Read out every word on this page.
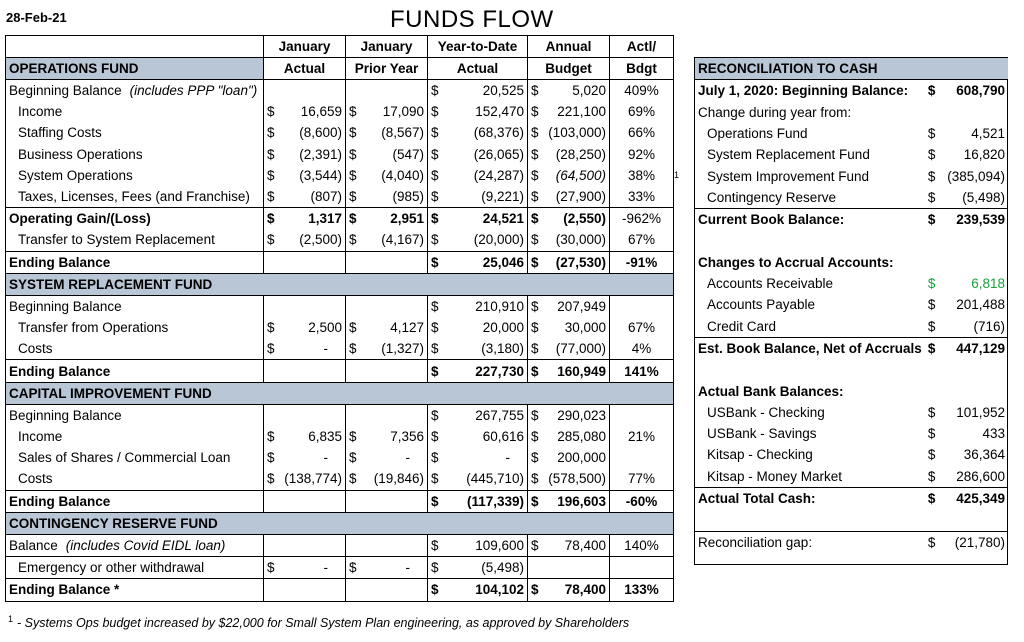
28-Feb-21	FUNDS FLOW
	January	January	Year-to-Date	Annual	Actl/
OPERATIONS FUND	Actual	Prior Year	Actual	Budget	Bdgt
Beginning Balance (includes PPP "loan")			$ 20,525	$ 5,020	409%
Income	$ 16,659	$ 17,090	$ 152,470	$ 221,100	69%
Staffing Costs	$ (8,600)	$ (8,567)	$ (68,376)	$ (103,000)	66%
Business Operations	$ (2,391)	$ (547)	$ (26,065)	$ (28,250)	92%
System Operations	$ (3,544)	$ (4,040)	$ (24,287)	$ (64,500)	38%
Taxes, Licenses, Fees (and Franchise)	$ (807)	$ (985)	$ (9,221)	$ (27,900)	33%
Operating Gain/(Loss)	$ 1,317	$ 2,951	$ 24,521	$ (2,550)	-962%
Transfer to System Replacement	$ (2,500)	$ (4,167)	$ (20,000)	$ (30,000)	67%
Ending Balance			$ 25,046	$ (27,530)	-91%
SYSTEM REPLACEMENT FUND					
Beginning Balance			$ 210,910	$ 207,949	

Transfer from Operations	$ 2,500	$ 4,127	$ 20,000	$ 30,000	67%
Costs	$ -	$ (1,327)	$ (3,180)	$ (77,000)	4%
Ending Balance			$ 227,730	$ 160,949	141%
CAPITAL IMPROVEMENT FUND					
Beginning Balance			$ 267,755	$ 290,023	

Income	$ 6,835	$ 7,356	$ 60,616	$ 285,080	21%
Sales of Shares / Commercial Loan	$ -	$ -	$ -	$ 200,000	

Costs	$ (138,774)	$ (19,846)	$ (445,710)	$ (578,500)	77%
Ending Balance			$ (117,339)	$ 196,603	-60%
CONTINGENCY RESERVE FUND					
Balance (includes Covid EIDL loan)			$ 109,600	$ 78,400	140%
Emergency or other withdrawal	$ -	$ -	$ (5,498)		

Ending Balance *			$ 104,102	$ 78,400	133%
1
RECONCILIATION TO CASH		
July 1, 2020: Beginning Balance:	$	608,790
Change during year from:		
Operations Fund	$	4,521
System Replacement Fund	$	16,820
System Improvement Fund	$	(385,094)
Contingency Reserve	$	(5,498)
Current Book Balance:	$	239,539

Changes to Accrual Accounts:		
Accounts Receivable	$	6,818
Accounts Payable	$	201,488
Credit Card	$	(716)
Est. Book Balance, Net of Accruals	$	447,129

Actual Bank Balances:		
USBank - Checking	$	101,952
USBank - Savings	$	433
Kitsap - Checking	$	36,364
Kitsap - Money Market	$	286,600
Actual Total Cash:	$	425,349

Reconciliation gap:	$	(21,780)
$^1$ - Systems Ops budget increased by $22,000 for Small System Plan engineering, as approved by Shareholders
